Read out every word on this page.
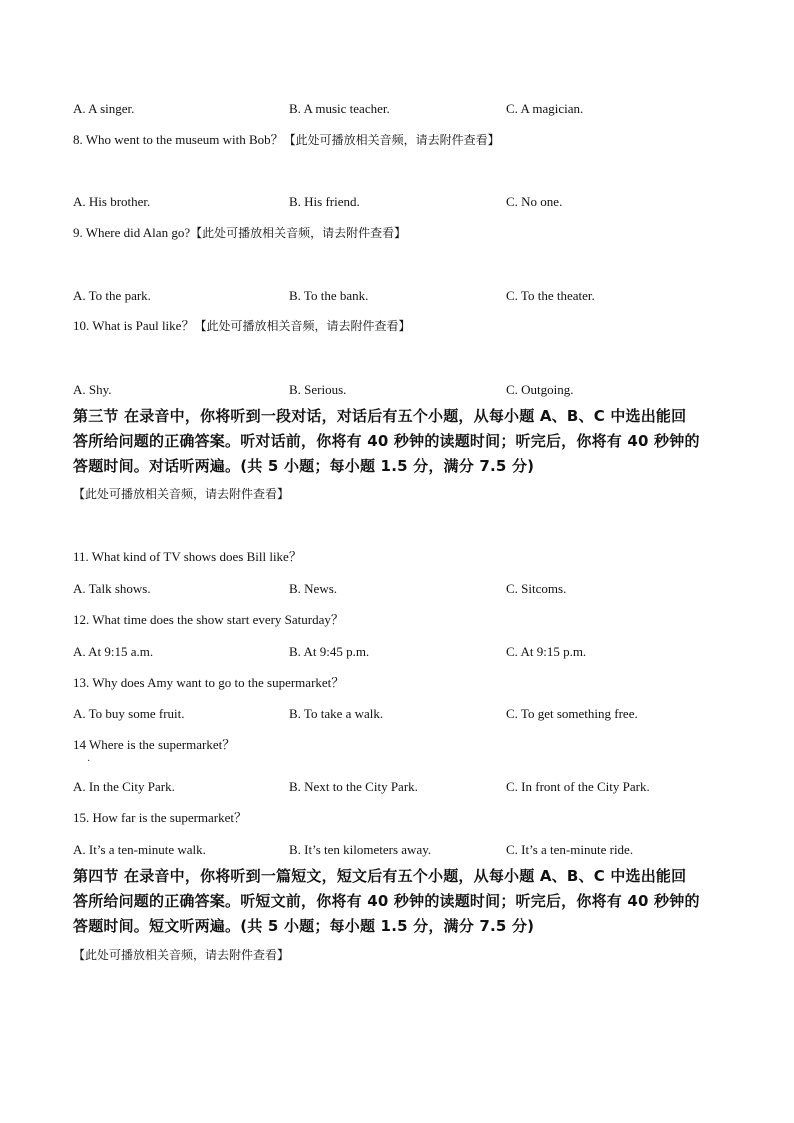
A. A singer.	B. A music teacher.	C. A magician.
8. Who went to the museum with Bob？【此处可播放相关音频，请去附件查看】
A. His brother.	B. His friend.	C. No one.
9. Where did Alan go?【此处可播放相关音频，请去附件查看】
A. To the park.	B. To the bank.	C. To the theater.
10. What is Paul like？【此处可播放相关音频，请去附件查看】
A. Shy.	B. Serious.	C. Outgoing.
第三节 在录音中，你将听到一段对话，对话后有五个小题，从每小题 A、B、C 中选出能回
答所给问题的正确答案。听对话前，你将有 40 秒钟的读题时间；听完后，你将有 40 秒钟的
答题时间。对话听两遍。(共 5 小题；每小题 1.5 分，满分 7.5 分)
【此处可播放相关音频，请去附件查看】
11. What kind of TV shows does Bill like？
A. Talk shows.	B. News.	C. Sitcoms.
12. What time does the show start every Saturday？
A. At 9:15 a.m.	B. At 9:45 p.m.	C. At 9:15 p.m.
13. Why does Amy want to go to the supermarket？
A. To buy some fruit.	B. To take a walk.	C. To get something free.
14 Where is the supermarket？
·
A. In the City Park.	B. Next to the City Park.	C. In front of the City Park.
15. How far is the supermarket？
A. It’s a ten-minute walk.	B. It’s ten kilometers away.	C. It’s a ten-minute ride.
第四节 在录音中，你将听到一篇短文，短文后有五个小题，从每小题 A、B、C 中选出能回
答所给问题的正确答案。听短文前，你将有 40 秒钟的读题时间；听完后，你将有 40 秒钟的
答题时间。短文听两遍。(共 5 小题；每小题 1.5 分，满分 7.5 分)
【此处可播放相关音频，请去附件查看】
